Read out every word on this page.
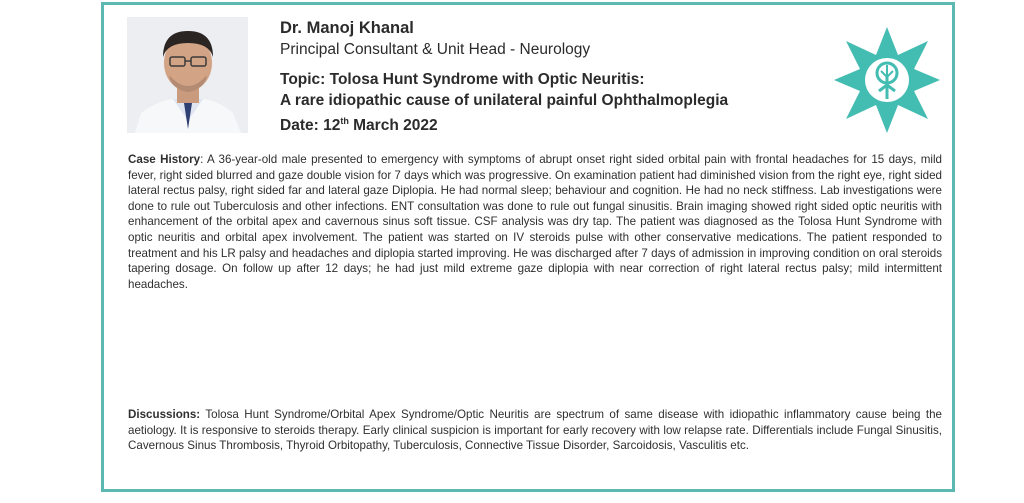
Dr. Manoj Khanal
Principal Consultant & Unit Head - Neurology
Topic: Tolosa Hunt Syndrome with Optic Neuritis:
A rare idiopathic cause of unilateral painful Ophthalmoplegia
Date: 12th March 2022

Case History: A 36-year-old male presented to emergency with symptoms of abrupt onset right sided orbital pain with frontal headaches for 15 days, mild fever, right sided blurred and gaze double vision for 7 days which was progressive. On examination patient had diminished vision from the right eye, right sided lateral rectus palsy, right sided far and lateral gaze Diplopia. He had normal sleep; behaviour and cognition. He had no neck stiffness. Lab investigations were done to rule out Tuberculosis and other infections. ENT consultation was done to rule out fungal sinusitis. Brain imaging showed right sided optic neuritis with enhancement of the orbital apex and cavernous sinus soft tissue. CSF analysis was dry tap. The patient was diagnosed as the Tolosa Hunt Syndrome with optic neuritis and orbital apex involvement. The patient was started on IV steroids pulse with other conservative medications. The patient responded to treatment and his LR palsy and headaches and diplopia started improving. He was discharged after 7 days of admission in improving condition on oral steroids tapering dosage. On follow up after 12 days; he had just mild extreme gaze diplopia with near correction of right lateral rectus palsy; mild intermittent headaches.

Discussions: Tolosa Hunt Syndrome/Orbital Apex Syndrome/Optic Neuritis are spectrum of same disease with idiopathic inflammatory cause being the aetiology. It is responsive to steroids therapy. Early clinical suspicion is important for early recovery with low relapse rate. Differentials include Fungal Sinusitis, Cavernous Sinus Thrombosis, Thyroid Orbitopathy, Tuberculosis, Connective Tissue Disorder, Sarcoidosis, Vasculitis etc.
